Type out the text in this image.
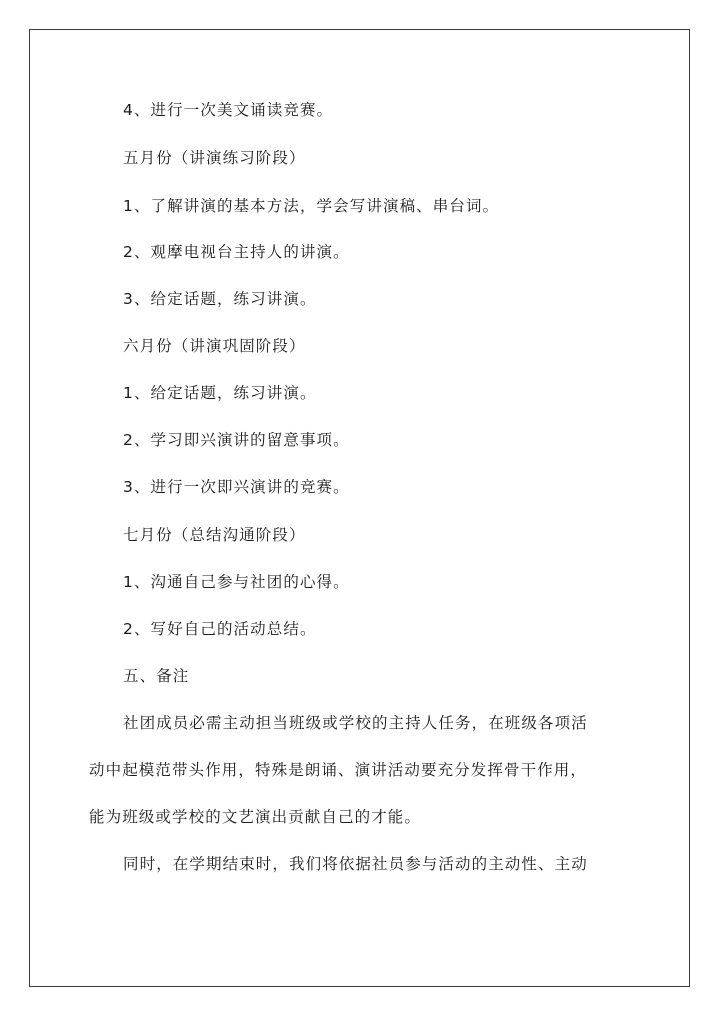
4、进行一次美文诵读竞赛。
五月份（讲演练习阶段）
1、了解讲演的基本方法，学会写讲演稿、串台词。
2、观摩电视台主持人的讲演。
3、给定话题，练习讲演。
六月份（讲演巩固阶段）
1、给定话题，练习讲演。
2、学习即兴演讲的留意事项。
3、进行一次即兴演讲的竞赛。
七月份（总结沟通阶段）
1、沟通自己参与社团的心得。
2、写好自己的活动总结。
五、备注
社团成员必需主动担当班级或学校的主持人任务，在班级各项活
动中起模范带头作用，特殊是朗诵、演讲活动要充分发挥骨干作用，
能为班级或学校的文艺演出贡献自己的才能。
同时，在学期结束时，我们将依据社员参与活动的主动性、主动
